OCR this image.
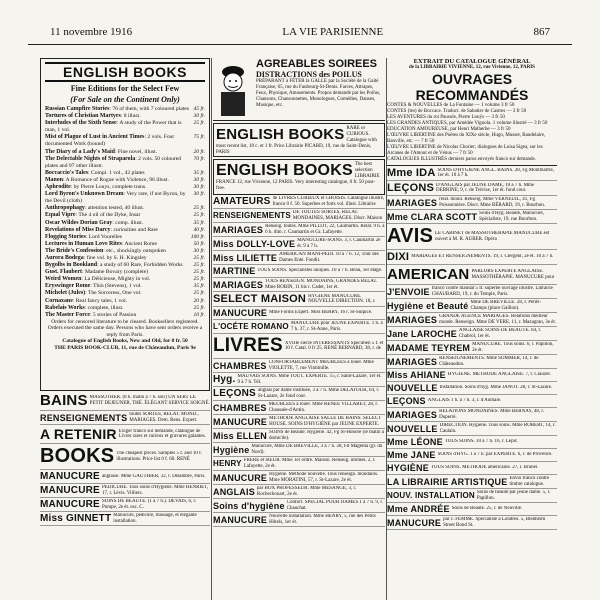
11 novembre 1916	LA VIE PARISIENNE	867
ENGLISH BOOKS
Fine Editions for the Select Few
(For Sale on the Continent Only)
45 fr.
Russian Campfire Stories: 76 of them, with 7 coloured plates
30 fr.
Tortures of Christian Martyrs: 8 illust.
25 fr.
Interludes of the Sixth Sense: A study of the Power that is man, 1 vol.
75 fr.
Mist of Plague of Lust in Ancient Times: 2 vols. Four documented Work (bound)
20 fr.
The Diary of a Lady's Maid: Fine novel, illust.
70 fr.
The Delectable Nights of Straparola: 2 vols. 50 coloured plates and 97 other illustr.
35 fr.
Boccaccio's Tales: Compl. 1 vol., 42 plates
30 fr.
Manon: A Romance of Rogue with Violence, 96 illust.
30 fr.
Aphrodite: by Pierre Louys, complete trans.
30 fr.
Lord Byron's Unknown Dream: Very rare, if not Byron, by the Devil (cloth)
25 fr.
Anthropophagy: attention tested, 40 illust.
25 fr.
Equal Vipre: The 4 oil of the Dyke, Insar
35 fr.
Oscar Wildes Dorian Gray: comp. illust.
40 fr.
Revelations of Miss Darcy: curiosities and Rare
100 fr.
Flogging Stories: Lord Vourelles
50 fr.
Lectures in Human Love Rites: Ancient Rome
30 fr.
The Bride's Confession: etc., shockingly outspoken
25 fr.
Aurora Bodega: fine vol. by S. H. Kingsley
25 fr.
Bygolbs in Bookland: a study of 60 Rare, Forbidden Works
25 fr.
Gust. Flaubert: Madame Bovary (complete)
25 fr.
Weird Women: La Délicieuse, Mighty in vol.
35 fr.
Eryswinger Rome: Thin (Stevens), 1 vol.
25 fr.
Michelet (Jules): The Sorceress, One vol.
20 fr.
Cornaxane: Real fancy tales, 1 vol.
25 fr.
Rabelais Works: complete, illust.
10 fr.
The Master Force: 5 stories of Passion
Orders for censored literature to be cleared. Booksellers registered. Orders executed the same day. Persons who have sent orders receive a reply from Paris.
Catalogue of English Books, New and Old, for 0 fr. 50
THE PARIS BOOK-CLUB, 11, rue de Châteaudun, Paris 9e
BAINS MASSOTHER. (8 h. matin à 7 h. soir) UN SERT LE PETIT DEJEUNER, THÉ. ÉLÉGANT SERVICE SOIGNÉ.
RENSEIGNEMENTS toutes SORTES, RELAT. MOND., MARIAGES. Dem. Rens. Expert.
A RETENIR Exiger franco sur demande, catalogue de Livres rares et curieux et gravures galantes.
BOOKS The cheapest prices. Samples 5 f. and 10 f. illustrations. Price list 0 f. 60. RENÉ
MANUCURE anglaise. Mme GAUTHIER, 32, r. Delambre, Paris.
MANUCURE PEDICURE. Tous soins d'Hygiène. Mme HENRIET, 17, r. Lévis. Villiers.
MANUCURE SOINS DE BEAUTÉ. (1 à 7 h.). DEVAIS, 6, r. Pompe, 2e ét. esc. C.
Miss GINNETT Manucure, pédicure, massage, et élégante installation.
AGREABLES SOIREES
DISTRACTIONS des POILUS
PRÉPARANT à FÊTER la GALLE par la Société de la Gaité Française, 65, rue du Faubourg-St-Denis. Farces, Attrapes, Feux, Physique, Amusements. Propos demandé par les Poilus, Chansons, Chansonnettes, Monologues, Comédies, Danses, Musique, etc.
ENGLISH BOOKS RARE or CURIOUS. Catalogue with most recent list, 10 c. et 1 fr. Price Librairie PICARD, 19, rue de Saint-Denis, PARIS
ENGLISH BOOKS The best selection LIBRAIRIE FRANCE 12, rue Vivienne, 12 PARIS. Very interesting catalogue, 0 fr. 50 post-free.
AMATEURS de LIVRES CURIEUX et CHOISIS. Catalogue illustré, franco 0 f. 50. Superbes et forts vol. illust. Librairie
RENSEIGNEMENTS DE TOUTES SORTES, RELAT. MONDAINES, MARIAGES. Discr. Maison
MARIAGES Renseig. toutes. Mme PILLOT, 22, Caumartin. Relat. 9 h. à 6 h. dim. r. Caumartin et Gr. Lafayette.
Miss DOLLY-LOVE MANUCURE-SOINS. 3, r. Caumartin 2e ét. 9 à 7 h.
Miss LILIETTE AMERICAN MANI-PEDI. 10 à 7 h. 12, Tour des Dames Enté. Fondit.
MARTINE TOUS SOINS. Spécialistes uniques. 10 à 7 h. Beau, 1er étage.
MARIAGES TOUS RENSEIGN. MONDAINS, GRANDES RELAT. Mme ROBIN, 11 bis r. Cadet, 1er ét.
SELECT MAISON HYGIÈNE MANUCURE. NOUVELLE DIRECTION. 18, r.
MANUCURE Mme Fordis Expert. Miss BERRY, 16 r. St-Sulpice.
L'OCÉTE ROMANO MANUCURE pour JEUNE EXPERTE. 1 h. à 7 h. 37, r. St-Anne, Paris.
LIVRES XVIIIe siècle INTÉRESSANTS Spécimen 5 f. et 10 f. Catal. 0 fr 25. RENÉ BERNARD, 38, r. de
CHAMBRES CONFORTABLEMENT MEUBLÉES à louer. Mme VIOLETTE, 7, rue Vintimille.
Hyg. MAUVAIS SOINS. Mme TOUT. EXPERTE. 15, r. Saint-Lazare, 1er ét. 9 à 7 h. Tél.
LEÇONS anglais par dame instituée, 3 à 7 h. Mme DELATOUR, 64, r. St-Lazare, 2e fond cour.
CHAMBRES MEUBLÉES à louer. Mme RENÉE VILLARET, 28, r. Chaussée-d'Antin.
MANUCURE MÉTHODE ANGLAISE SALLE DE BAINS. SELECT HOUSE. SOINS D'HYGIÈNE par JEUNE EXPERTE.
Miss ELLEN SOINS de Beauté. Hygiène. 42, Fg St-Honoré (le matin à domicile).
Hygiène Manucure, Mme DE BRÉVILLE, 3 à 7 h. 28, Fd Magenta (gr. du Nord).
HENRY FRÈRE et SŒUR. Mme 1er ordre. Maison. Renseig. intimes. 2, r. Lafayette, 2e ét.
MANUCURE Hygiène. Méthode nouvelle. Tous renseign. mondains. Mme MORATINI, 57, r. St-Lazare, 2e ét.
ANGLAIS par BOX PROFESSEUR. Mme MESANGE, 3, r. Rochechouart, 2e ét.
Soins d'hygiène Confort. SPÉCIAL POUR DAMES 1 à 7 h. 9, r. Chauchat.
MANUCURE Nouvelle installation. Mme HENRY, 5, rue des Petits Hôtels, 1er ét.
EXTRAIT DU CATALOGUE GÉNÉRAL
de la LIBRAIRIE VIVIENNE, 12, rue Vivienne, 12, PARIS
OUVRAGES RECOMMANDÉS
CONTES & NOUVELLES de La Fontaine — 1 volume 3 fr 50
CONTES (les) de Boccace. Traduct. de Sabatier de Castres — 3 fr 50
LES AVENTURES du roi Pausole, Pierre Louÿs — 3 fr 50
LES GRANDES ANTIQUES, par Amédée Vignola. 1 volume illustré — 3 fr 50
EDUCATION AMOUREUSE, par Henri Malherbe — 3 fr 50
L'ŒUVRE LIBERTINE des Poètes du XIXe siècle, Hugo, Musset, Baudelaire, Banville, etc. — 7 fr 50
L'ŒUVRE LIBERTINE de Nicolas Chorier; dialogues de Luisa Sigea, sur les Arcanes de l'Amour et de Vénus — 7 fr 50
CATALOGUES ILLUSTRÉS derniers parus envoyés franco sur demande.
Mme IDA SOINS D'HYGIÈNE ANGL. BAINS. 28, Fg Montmartre, 1er ét. 10 à 7 h.
LEÇONS D'ANGLAIS par JEUNE DAME, 10 à 7 h. Mme DEBRINE, 9, r. de Trévise, 1er ét. fond cour.
MARIAGES relat. mond. Renseig. Mme VERNEUIL, 41, Fg Poissonnière. Discr. Mme BÉRARD, 19, r. Bourbon.
Mme CLARA SCOTT Soins d'Hyg. Beauté, Manucure, Spécialiste, 19, rue Bourbon.
AVIS LE CABINET de MASSOTHÉRAPIE MANUCURE est ouvert à M. R. AUBER. Opéra
DIXI MARIAGES ET RENSEIGNEMENTS. 19, r. Clergent, 2e ét. 10 à 7 h.
AMERICAN PARLORS EXPERTE ANGLAISE. MASSOTHÉRAPIE. MANUCURE pour
J'ENVOIE franco contre mandat 5 fr. superbe ouvrage illustré. Librairie CHAUBARD, 19, r. du Temple, Paris.
Hygiène et Beauté Mme DE BRÉVILLE. 28, r. Petits-Champs (place Gaillon).
MARIAGES GRANDE AGENCE MARIAGES. Relations meilleur monde. Renseign. Mme DE VERE, 11, r. Mazagran, 3e ét.
Jane LAROCHE ANGLAISE SOINS DE BEAUTÉ. 64, r. Chabrol, 1er ét.
MADAME TEYREM MANUCURE. Tous soins. 6, r. Papillon, 2e ét.
MARIAGES RENSEIGNEMENTS. Mme SOMMER, 14, r. de Châteaudun.
Miss AHIANE HYGIÈNE. MÉTHODE ANGLAISE. 7, r. Clauzel.
NOUVELLE Installation. Soins d'hyg. Mme JANOT. 28, r. St-Lazare.
LEÇONS ANGLAIS 1 h. à 7 h. 3, r. d'Aumale.
MARIAGES RELATIONS MONDAINES. Mme BERNAY, 48, r. Duperré.
NOUVELLE DIRECTION. Hygiène. Tous soins. Mme ROBERT, 14, r. Caulain.
Mme LÉONE TOUS SOINS. 10 à 7 h. 16, r. Lepic.
Mme JANE SOINS d'HYG. 1 à 7 h. par EXPERTE. 6, r. de Provence.
HYGIÈNE TOUS SOINS. MÉTHODE américaine. 27, r. Brunel.
LA LIBRAIRIE ARTISTIQUE Envoi franco contre timbre catalogue.
NOUV. INSTALLATION Soins de beauté par jeune dame. 5, r. Papillon.
Mme ANDRÉE Soins de Beauté. 25, r. de Neuville.
MANUCURE par J. FEMME. Spécialiste à Londres. 5, Blenheim Street Bond St.
